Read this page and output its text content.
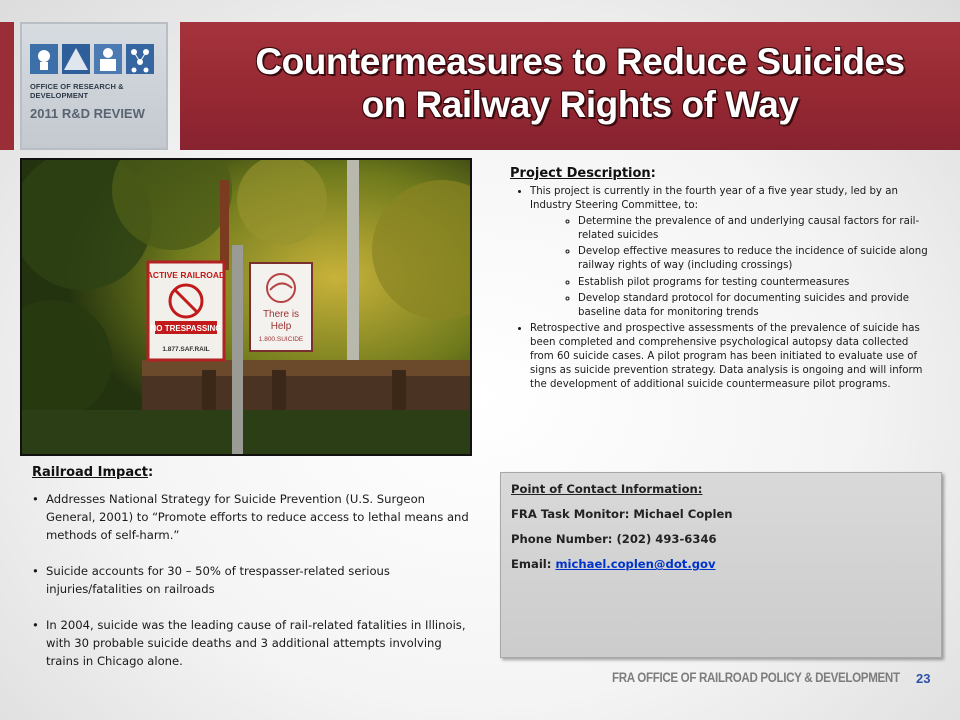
OFFICE OF RESEARCH & DEVELOPMENT
2011 R&D REVIEW
Countermeasures to Reduce Suicides
on Railway Rights of Way
ACTIVE RAILROAD
NO TRESPASSING
1.877.SAF.RAIL
There is
Help
1.800.SUICIDE
Project Description:
• This project is currently in the fourth year of a five year study, led by an Industry Steering Committee, to:
◦ Determine the prevalence of and underlying causal factors for rail-related suicides
◦ Develop effective measures to reduce the incidence of suicide along railway rights of way (including crossings)
◦ Establish pilot programs for testing countermeasures
◦ Develop standard protocol for documenting suicides and provide baseline data for monitoring trends
• Retrospective and prospective assessments of the prevalence of suicide has been completed and comprehensive psychological autopsy data collected from 60 suicide cases. A pilot program has been initiated to evaluate use of signs as suicide prevention strategy. Data analysis is ongoing and will inform the development of additional suicide countermeasure pilot programs.
Railroad Impact:
• Addresses National Strategy for Suicide Prevention (U.S. Surgeon General, 2001) to “Promote efforts to reduce access to lethal means and methods of self-harm.”
• Suicide accounts for 30 – 50% of trespasser-related serious injuries/fatalities on railroads
• In 2004, suicide was the leading cause of rail-related fatalities in Illinois, with 30 probable suicide deaths and 3 additional attempts involving trains in Chicago alone.
Point of Contact Information:
FRA Task Monitor: Michael Coplen
Phone Number: (202) 493-6346
Email: michael.coplen@dot.gov
FRA OFFICE OF RAILROAD POLICY & DEVELOPMENT 23
